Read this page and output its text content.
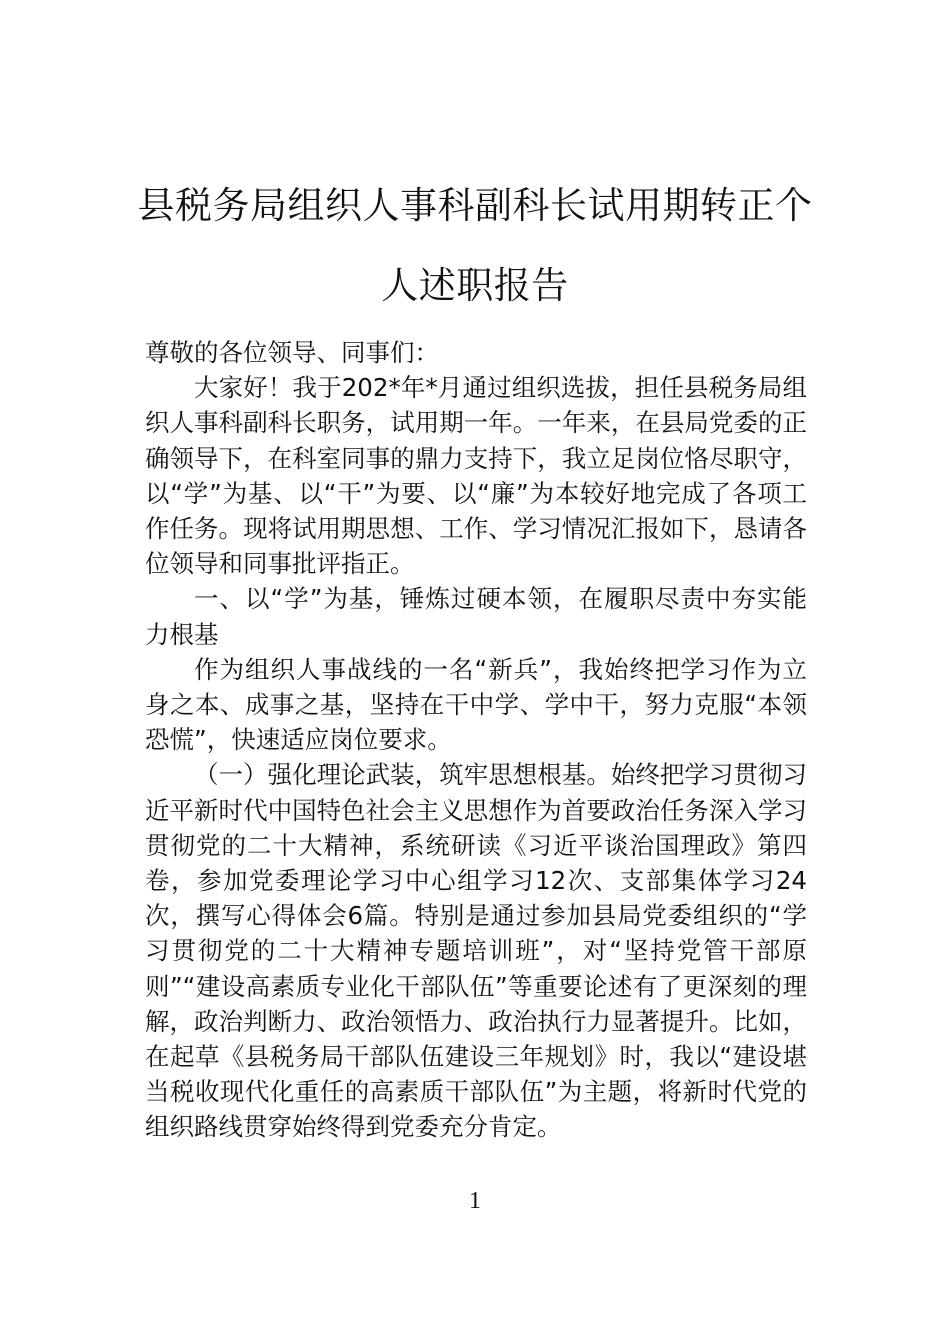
县税务局组织人事科副科长试用期转正个人述职报告

尊敬的各位领导、同事们：

大家好！我于202*年*月通过组织选拔，担任县税务局组织人事科副科长职务，试用期一年。一年来，在县局党委的正确领导下，在科室同事的鼎力支持下，我立足岗位恪尽职守，以“学”为基、以“干”为要、以“廉”为本较好地完成了各项工作任务。现将试用期思想、工作、学习情况汇报如下，恳请各位领导和同事批评指正。

一、以“学”为基，锤炼过硬本领，在履职尽责中夯实能力根基

作为组织人事战线的一名“新兵”，我始终把学习作为立身之本、成事之基，坚持在干中学、学中干，努力克服“本领恐慌”，快速适应岗位要求。

（一）强化理论武装，筑牢思想根基。始终把学习贯彻习近平新时代中国特色社会主义思想作为首要政治任务深入学习贯彻党的二十大精神，系统研读《习近平谈治国理政》第四卷，参加党委理论学习中心组学习12次、支部集体学习24次，撰写心得体会6篇。特别是通过参加县局党委组织的“学习贯彻党的二十大精神专题培训班”，对“坚持党管干部原则”“建设高素质专业化干部队伍”等重要论述有了更深刻的理解，政治判断力、政治领悟力、政治执行力显著提升。比如，在起草《县税务局干部队伍建设三年规划》时，我以“建设堪当税收现代化重任的高素质干部队伍”为主题，将新时代党的组织路线贯穿始终得到党委充分肯定。

1
